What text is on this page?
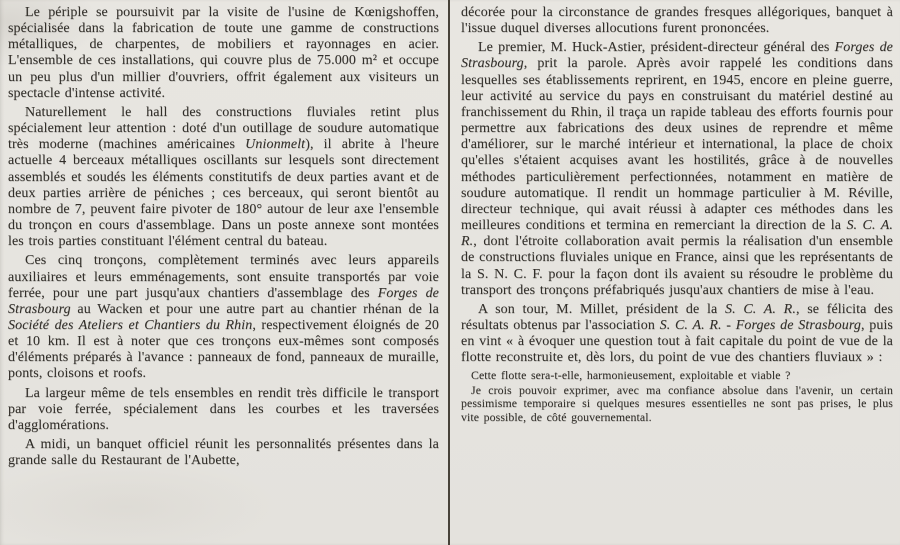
Le périple se poursuivit par la visite de l'usine de Kœnigshoffen, spécialisée dans la fabrication de toute une gamme de constructions métalliques, de charpentes, de mobiliers et rayonnages en acier. L'ensemble de ces installations, qui couvre plus de 75.000 m² et occupe un peu plus d'un millier d'ouvriers, offrit également aux visiteurs un spectacle d'intense activité.

Naturellement le hall des constructions fluviales retint plus spécialement leur attention : doté d'un outillage de soudure automatique très moderne (machines américaines Unionmelt), il abrite à l'heure actuelle 4 berceaux métalliques oscillants sur lesquels sont directement assemblés et soudés les éléments constitutifs de deux parties avant et de deux parties arrière de péniches ; ces berceaux, qui seront bientôt au nombre de 7, peuvent faire pivoter de 180° autour de leur axe l'ensemble du tronçon en cours d'assemblage. Dans un poste annexe sont montées les trois parties constituant l'élément central du bateau.

Ces cinq tronçons, complètement terminés avec leurs appareils auxiliaires et leurs emménagements, sont ensuite transportés par voie ferrée, pour une part jusqu'aux chantiers d'assemblage des Forges de Strasbourg au Wacken et pour une autre part au chantier rhénan de la Société des Ateliers et Chantiers du Rhin, respectivement éloignés de 20 et 10 km. Il est à noter que ces tronçons eux-mêmes sont composés d'éléments préparés à l'avance : panneaux de fond, panneaux de muraille, ponts, cloisons et roofs.

La largeur même de tels ensembles en rendit très difficile le transport par voie ferrée, spécialement dans les courbes et les traversées d'agglomérations.

A midi, un banquet officiel réunit les personnalités présentes dans la grande salle du Restaurant de l'Aubette,

décorée pour la circonstance de grandes fresques allégoriques, banquet à l'issue duquel diverses allocutions furent prononcées.

Le premier, M. Huck-Astier, président-directeur général des Forges de Strasbourg, prit la parole. Après avoir rappelé les conditions dans lesquelles ses établissements reprirent, en 1945, encore en pleine guerre, leur activité au service du pays en construisant du matériel destiné au franchissement du Rhin, il traça un rapide tableau des efforts fournis pour permettre aux fabrications des deux usines de reprendre et même d'améliorer, sur le marché intérieur et international, la place de choix qu'elles s'étaient acquises avant les hostilités, grâce à de nouvelles méthodes particulièrement perfectionnées, notamment en matière de soudure automatique. Il rendit un hommage particulier à M. Réville, directeur technique, qui avait réussi à adapter ces méthodes dans les meilleures conditions et termina en remerciant la direction de la S. C. A. R., dont l'étroite collaboration avait permis la réalisation d'un ensemble de constructions fluviales unique en France, ainsi que les représentants de la S. N. C. F. pour la façon dont ils avaient su résoudre le problème du transport des tronçons préfabriqués jusqu'aux chantiers de mise à l'eau.

A son tour, M. Millet, président de la S. C. A. R., se félicita des résultats obtenus par l'association S. C. A. R. - Forges de Strasbourg, puis en vint « à évoquer une question tout à fait capitale du point de vue de la flotte reconstruite et, dès lors, du point de vue des chantiers fluviaux » :

Cette flotte sera-t-elle, harmonieusement, exploitable et viable ?

Je crois pouvoir exprimer, avec ma confiance absolue dans l'avenir, un certain pessimisme temporaire si quelques mesures essentielles ne sont pas prises, le plus vite possible, de côté gouvernemental.
